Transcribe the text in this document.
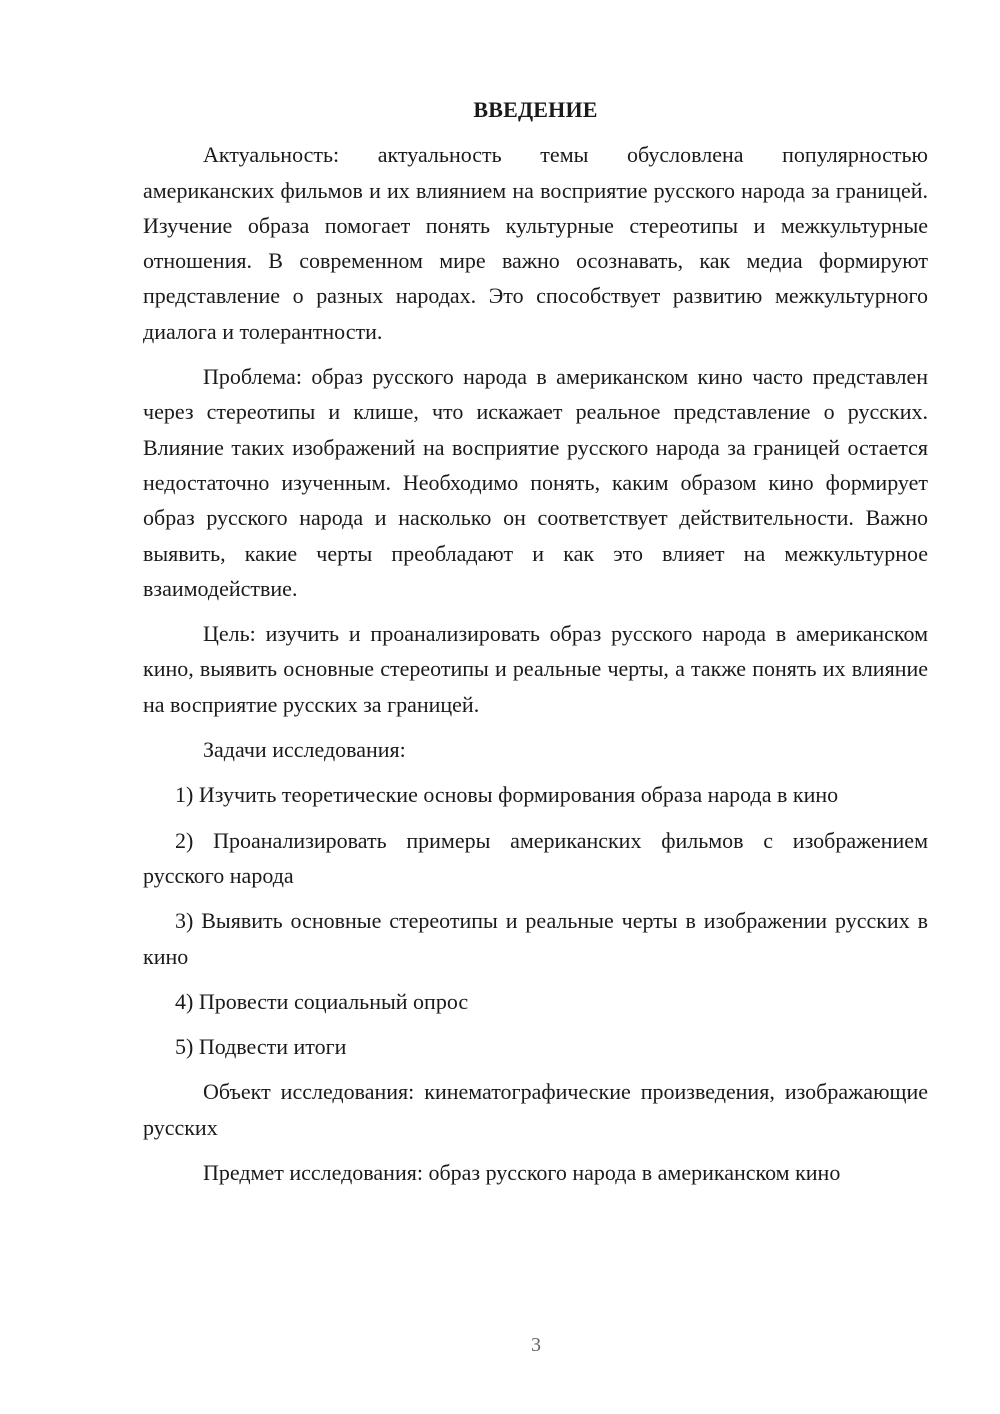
ВВЕДЕНИЕ

Актуальность: актуальность темы обусловлена популярностью американских фильмов и их влиянием на восприятие русского народа за границей. Изучение образа помогает понять культурные стереотипы и межкультурные отношения. В современном мире важно осознавать, как медиа формируют представление о разных народах. Это способствует развитию межкультурного диалога и толерантности.

Проблема: образ русского народа в американском кино часто представлен через стереотипы и клише, что искажает реальное представление о русских. Влияние таких изображений на восприятие русского народа за границей остается недостаточно изученным. Необходимо понять, каким образом кино формирует образ русского народа и насколько он соответствует действительности. Важно выявить, какие черты преобладают и как это влияет на межкультурное взаимодействие.

Цель: изучить и проанализировать образ русского народа в американском кино, выявить основные стереотипы и реальные черты, а также понять их влияние на восприятие русских за границей.

Задачи исследования:

1) Изучить теоретические основы формирования образа народа в кино

2) Проанализировать примеры американских фильмов с изображением русского народа

3) Выявить основные стереотипы и реальные черты в изображении русских в кино

4) Провести социальный опрос

5) Подвести итоги

Объект исследования: кинематографические произведения, изображающие русских

Предмет исследования: образ русского народа в американском кино

3
